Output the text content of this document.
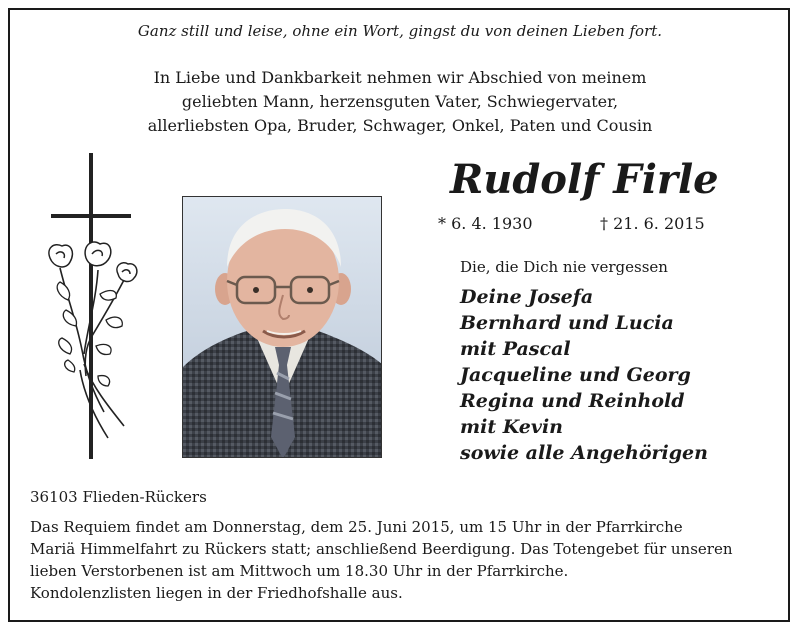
Ganz still und leise, ohne ein Wort, gingst du von deinen Lieben fort.
In Liebe und Dankbarkeit nehmen wir Abschied von meinem
geliebten Mann, herzensguten Vater, Schwiegervater,
allerliebsten Opa, Bruder, Schwager, Onkel, Paten und Cousin
Rudolf Firle
* 6. 4. 1930	† 21. 6. 2015
Die, die Dich nie vergessen
Deine Josefa
Bernhard und Lucia
mit Pascal
Jacqueline und Georg
Regina und Reinhold
mit Kevin
sowie alle Angehörigen
36103 Flieden-Rückers
Das Requiem findet am Donnerstag, dem 25. Juni 2015, um 15 Uhr in der Pfarrkirche
Mariä Himmelfahrt zu Rückers statt; anschließend Beerdigung. Das Totengebet für unseren
lieben Verstorbenen ist am Mittwoch um 18.30 Uhr in der Pfarrkirche.
Kondolenzlisten liegen in der Friedhofshalle aus.
